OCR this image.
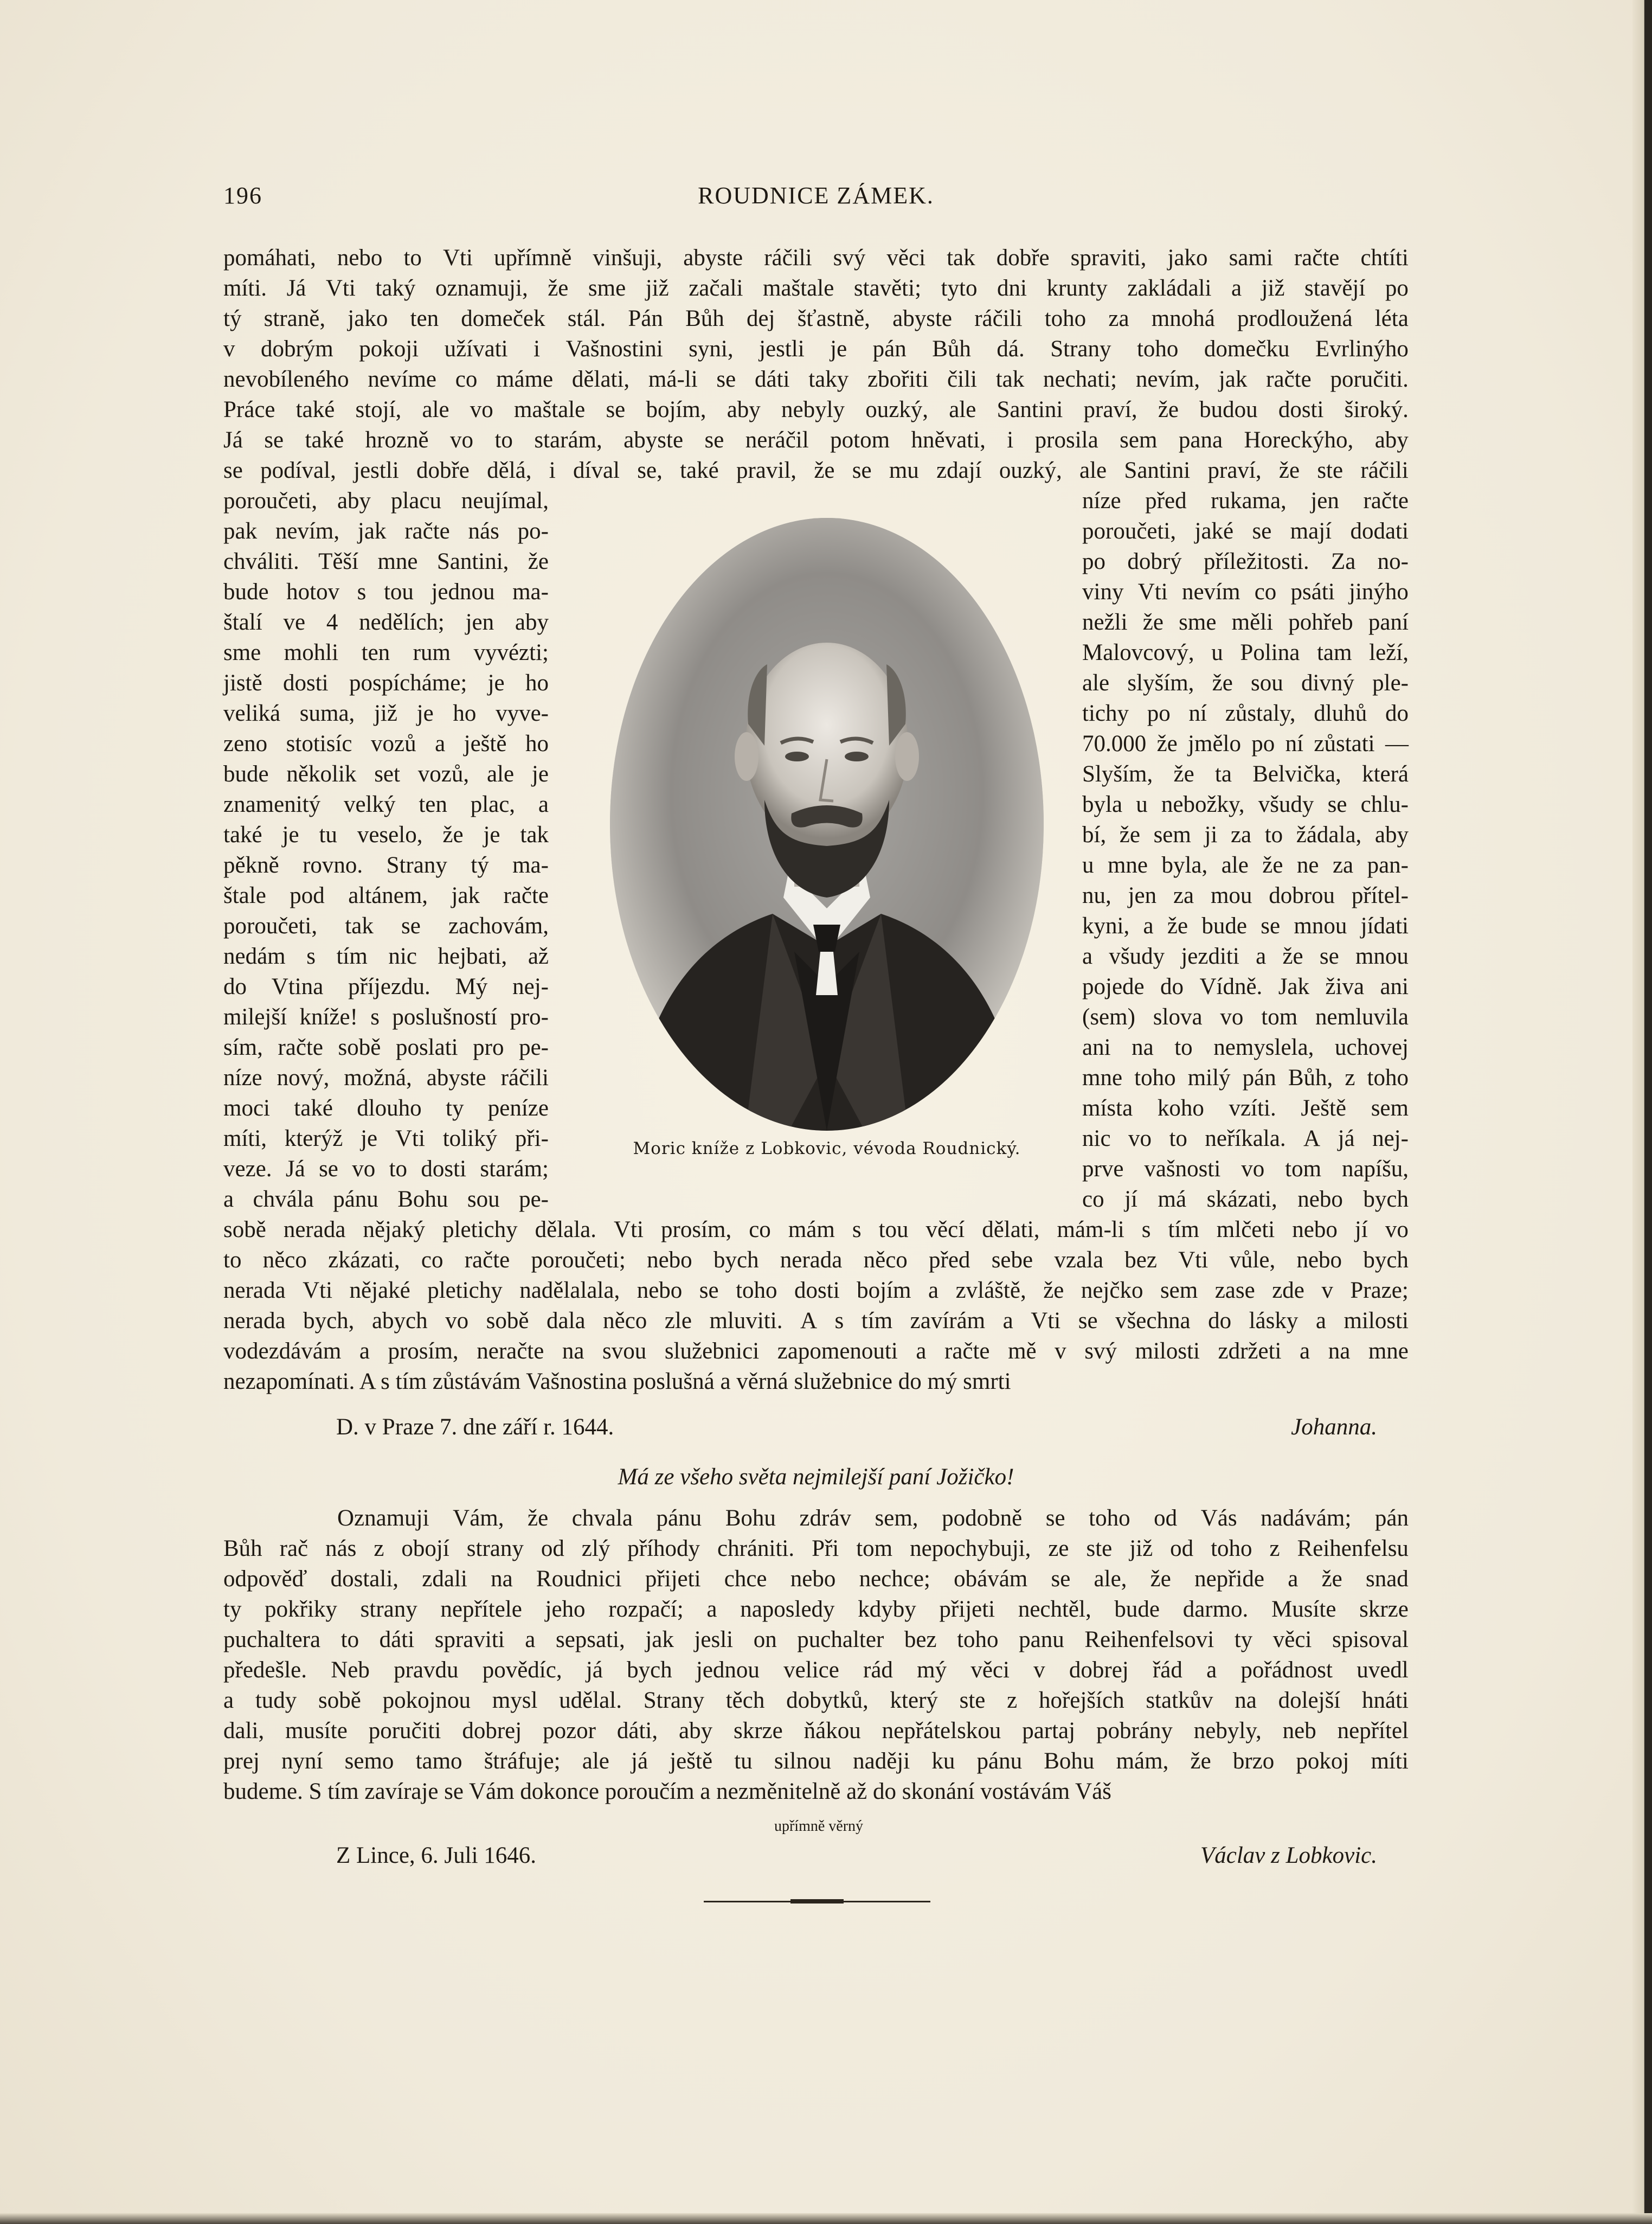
196	ROUDNICE ZÁMEK.
pomáhati, nebo to Vti upřímně vinšuji, abyste ráčili svý věci tak dobře spraviti, jako sami račte chtíti
míti. Já Vti taký oznamuji, že sme již začali maštale stavěti; tyto dni krunty zakládali a již stavějí po
tý straně, jako ten domeček stál. Pán Bůh dej šťastně, abyste ráčili toho za mnohá prodloužená léta
v dobrým pokoji užívati i Vašnostini syni, jestli je pán Bůh dá. Strany toho domečku Evrlinýho
nevobíleného nevíme co máme dělati, má-li se dáti taky zbořiti čili tak nechati; nevím, jak račte poručiti.
Práce také stojí, ale vo maštale se bojím, aby nebyly ouzký, ale Santini praví, že budou dosti široký.
Já se také hrozně vo to starám, abyste se neráčil potom hněvati, i prosila sem pana Horeckýho, aby
se podíval, jestli dobře dělá, i díval se, také pravil, že se mu zdají ouzký, ale Santini praví, že ste ráčili
poroučeti, aby placu neujímal,
pak nevím, jak račte nás po-
chváliti. Těší mne Santini, že
bude hotov s tou jednou ma-
štalí ve 4 nedělích; jen aby
sme mohli ten rum vyvézti;
jistě dosti pospícháme; je ho
veliká suma, již je ho vyve-
zeno stotisíc vozů a ještě ho
bude několik set vozů, ale je
znamenitý velký ten plac, a
také je tu veselo, že je tak
pěkně rovno. Strany tý ma-
štale pod altánem, jak račte
poroučeti, tak se zachovám,
nedám s tím nic hejbati, až
do Vtina příjezdu. Mý nej-
milejší kníže! s poslušností pro-
sím, račte sobě poslati pro pe-
níze nový, možná, abyste ráčili
moci také dlouho ty peníze
míti, kterýž je Vti toliký při-
veze. Já se vo to dosti starám;
a chvála pánu Bohu sou pe-
níze před rukama, jen račte
poroučeti, jaké se mají dodati
po dobrý příležitosti. Za no-
viny Vti nevím co psáti jinýho
nežli že sme měli pohřeb paní
Malovcový, u Polina tam leží,
ale slyším, že sou divný ple-
tichy po ní zůstaly, dluhů do
70.000 že jmělo po ní zůstati —
Slyším, že ta Belvička, která
byla u nebožky, všudy se chlu-
bí, že sem ji za to žádala, aby
u mne byla, ale že ne za pan-
nu, jen za mou dobrou přítel-
kyni, a že bude se mnou jídati
a všudy jezditi a že se mnou
pojede do Vídně. Jak živa ani
(sem) slova vo tom nemluvila
ani na to nemyslela, uchovej
mne toho milý pán Bůh, z toho
místa koho vzíti. Ještě sem
nic vo to neříkala. A já nej-
prve vašnosti vo tom napíšu,
co jí má skázati, nebo bych
Moric kníže z Lobkovic, vévoda Roudnický.
sobě nerada nějaký pletichy dělala. Vti prosím, co mám s tou věcí dělati, mám-li s tím mlčeti nebo jí vo
to něco zkázati, co račte poroučeti; nebo bych nerada něco před sebe vzala bez Vti vůle, nebo bych
nerada Vti nějaké pletichy nadělalala, nebo se toho dosti bojím a zvláště, že nejčko sem zase zde v Praze;
nerada bych, abych vo sobě dala něco zle mluviti. A s tím zavírám a Vti se všechna do lásky a milosti
vodezdávám a prosím, neračte na svou služebnici zapomenouti a račte mě v svý milosti zdržeti a na mne
nezapomínati. A s tím zůstávám Vašnostina poslušná a věrná služebnice do mý smrti
D. v Praze 7. dne září r. 1644.	Johanna.
Má ze všeho světa nejmilejší paní Jožičko!
Oznamuji Vám, že chvala pánu Bohu zdráv sem, podobně se toho od Vás nadávám; pán
Bůh rač nás z obojí strany od zlý příhody chrániti. Při tom nepochybuji, ze ste již od toho z Reihenfelsu
odpověď dostali, zdali na Roudnici přijeti chce nebo nechce; obávám se ale, že nepřide a že snad
ty pokřiky strany nepřítele jeho rozpačí; a naposledy kdyby přijeti nechtěl, bude darmo. Musíte skrze
puchaltera to dáti spraviti a sepsati, jak jesli on puchalter bez toho panu Reihenfelsovi ty věci spisoval
předešle. Neb pravdu povědíc, já bych jednou velice rád mý věci v dobrej řád a pořádnost uvedl
a tudy sobě pokojnou mysl udělal. Strany těch dobytků, který ste z hořejších statkův na dolejší hnáti
dali, musíte poručiti dobrej pozor dáti, aby skrze ňákou nepřátelskou partaj pobrány nebyly, neb nepřítel
prej nyní semo tamo štráfuje; ale já ještě tu silnou naději ku pánu Bohu mám, že brzo pokoj míti
budeme. S tím zavíraje se Vám dokonce poroučím a nezměnitelně až do skonání vostávám Váš
upřímně věrný
Z Lince, 6. Juli 1646.	Václav z Lobkovic.
